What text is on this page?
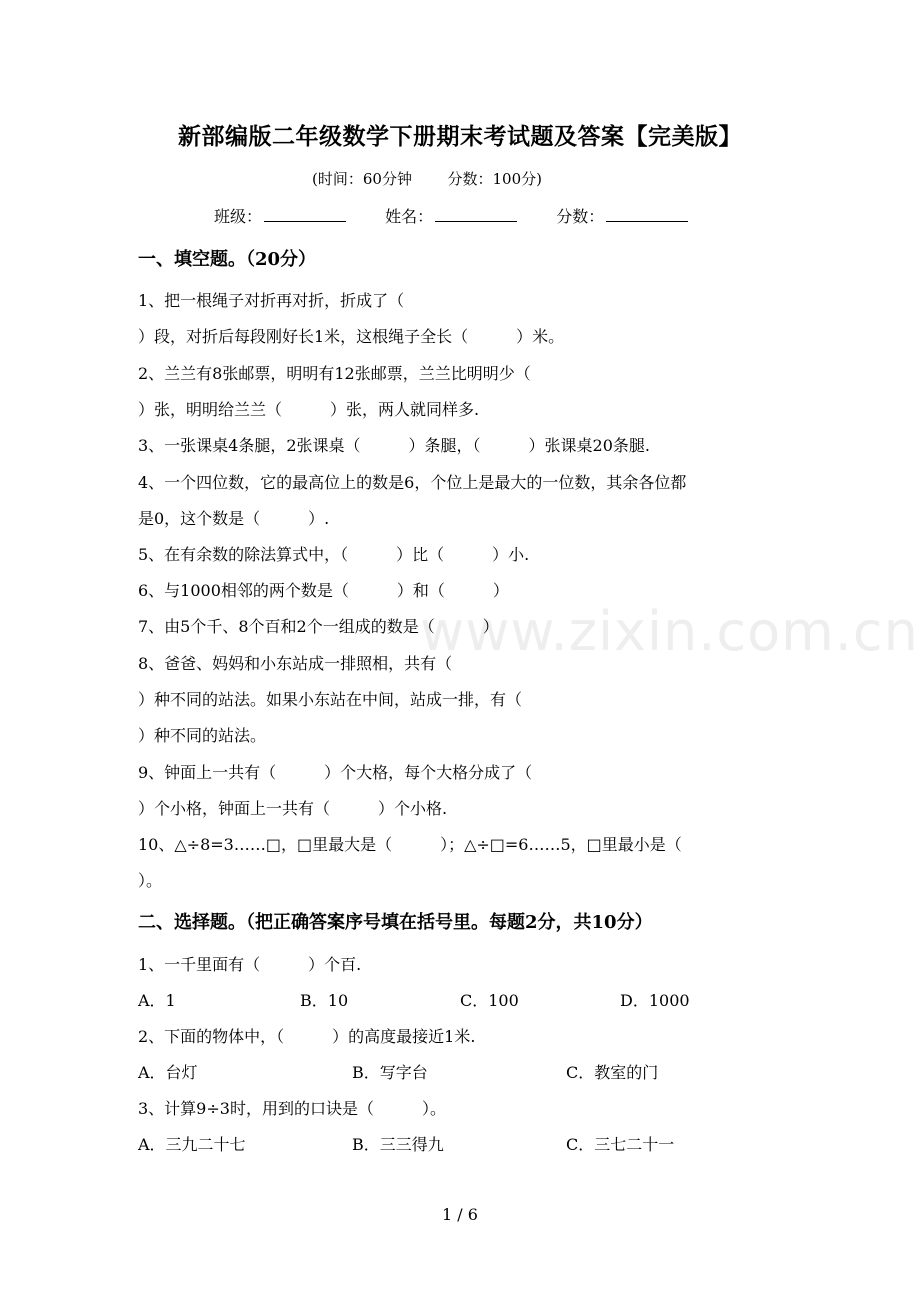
www.zixin.com.cn
新部编版二年级数学下册期末考试题及答案【完美版】
(时间：60分钟 分数：100分)
班级：	姓名：	分数：
一、填空题。（20分）
1、把一根绳子对折再对折，折成了（
）段，对折后每段刚好长1米，这根绳子全长（　　　）米。
2、兰兰有8张邮票，明明有12张邮票，兰兰比明明少（
）张，明明给兰兰（　　　）张，两人就同样多.
3、一张课桌4条腿，2张课桌（　　　）条腿，（　　　）张课桌20条腿.
4、一个四位数，它的最高位上的数是6，个位上是最大的一位数，其余各位都
是0，这个数是（　　　）.
5、在有余数的除法算式中，（　　　）比（　　　）小.
6、与1000相邻的两个数是（　　　）和（　　　）
7、由5个千、8个百和2个一组成的数是（　　　）
8、爸爸、妈妈和小东站成一排照相，共有（
）种不同的站法。如果小东站在中间，站成一排，有（
）种不同的站法。
9、钟面上一共有（　　　）个大格，每个大格分成了（
）个小格，钟面上一共有（　　　）个小格.
10、△÷8=3……□，□里最大是（　　　）；△÷□=6……5，□里最小是（
）。
二、选择题。（把正确答案序号填在括号里。每题2分，共10分）
1、一千里面有（　　　）个百.
A．1	B．10	C．100	D．1000
2、下面的物体中，（　　　）的高度最接近1米.
A．台灯	B．写字台	C．教室的门
3、计算9÷3时，用到的口诀是（　　　）。
A．三九二十七	B．三三得九	C．三七二十一
1 / 6
